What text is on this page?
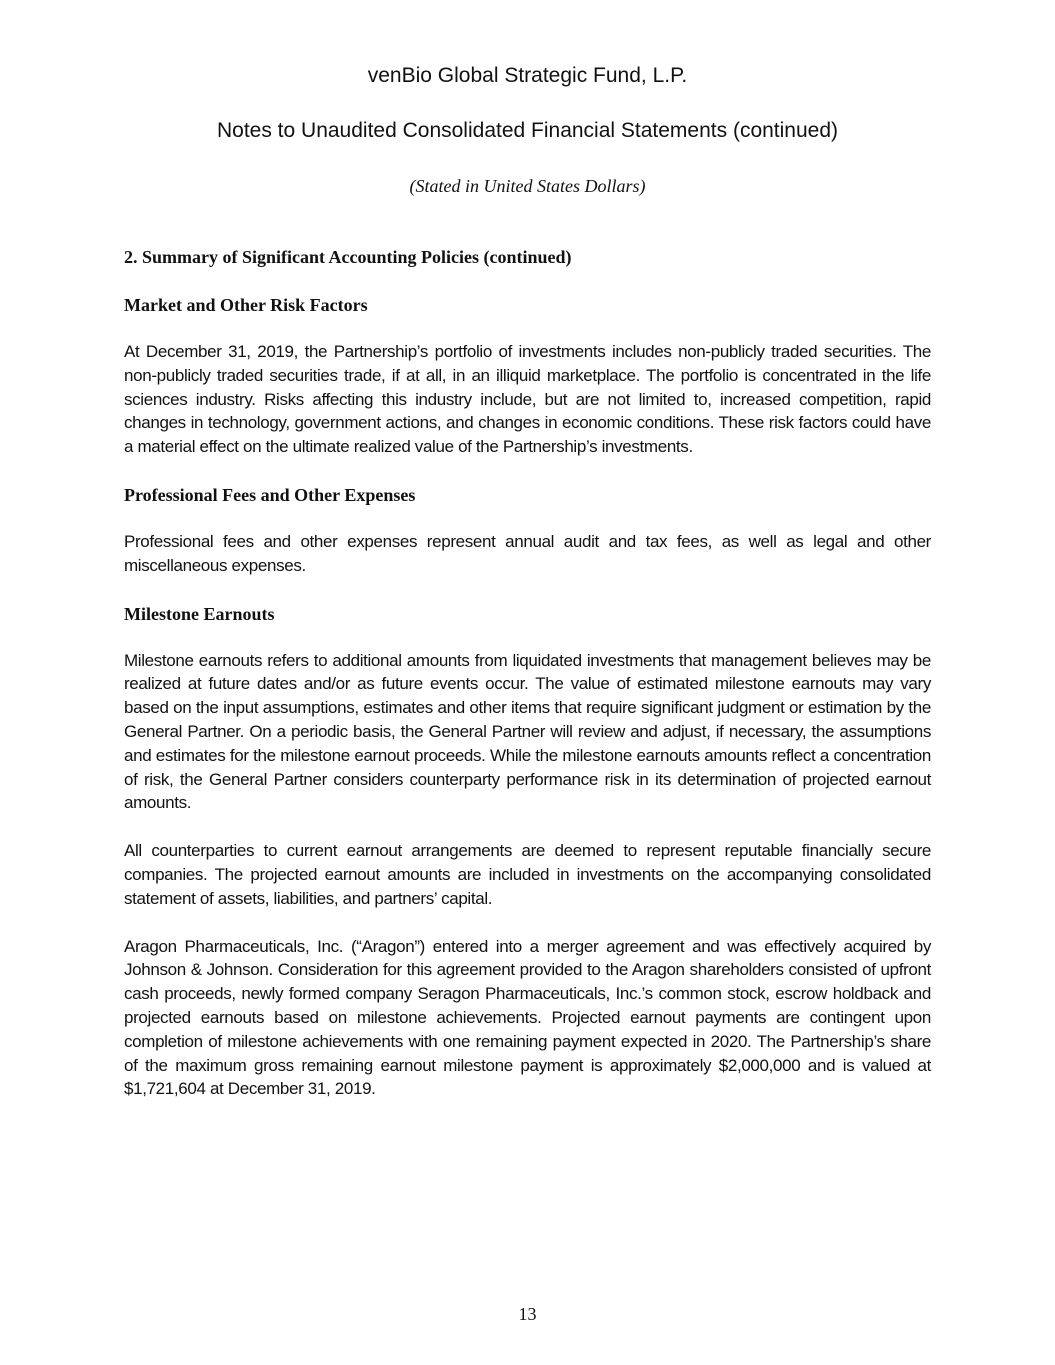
venBio Global Strategic Fund, L.P.
Notes to Unaudited Consolidated Financial Statements (continued)

(Stated in United States Dollars)

2. Summary of Significant Accounting Policies (continued)
Market and Other Risk Factors

At December 31, 2019, the Partnership’s portfolio of investments includes non-publicly traded securities. The non-publicly traded securities trade, if at all, in an illiquid marketplace. The portfolio is concentrated in the life sciences industry. Risks affecting this industry include, but are not limited to, increased competition, rapid changes in technology, government actions, and changes in economic conditions. These risk factors could have a material effect on the ultimate realized value of the Partnership’s investments.

Professional Fees and Other Expenses

Professional fees and other expenses represent annual audit and tax fees, as well as legal and other miscellaneous expenses.

Milestone Earnouts

Milestone earnouts refers to additional amounts from liquidated investments that management believes may be realized at future dates and/or as future events occur. The value of estimated milestone earnouts may vary based on the input assumptions, estimates and other items that require significant judgment or estimation by the General Partner. On a periodic basis, the General Partner will review and adjust, if necessary, the assumptions and estimates for the milestone earnout proceeds. While the milestone earnouts amounts reflect a concentration of risk, the General Partner considers counterparty performance risk in its determination of projected earnout amounts.

All counterparties to current earnout arrangements are deemed to represent reputable financially secure companies. The projected earnout amounts are included in investments on the accompanying consolidated statement of assets, liabilities, and partners’ capital.

Aragon Pharmaceuticals, Inc. (“Aragon”) entered into a merger agreement and was effectively acquired by Johnson & Johnson. Consideration for this agreement provided to the Aragon shareholders consisted of upfront cash proceeds, newly formed company Seragon Pharmaceuticals, Inc.’s common stock, escrow holdback and projected earnouts based on milestone achievements. Projected earnout payments are contingent upon completion of milestone achievements with one remaining payment expected in 2020. The Partnership’s share of the maximum gross remaining earnout milestone payment is approximately $2,000,000 and is valued at $1,721,604 at December 31, 2019.

13
